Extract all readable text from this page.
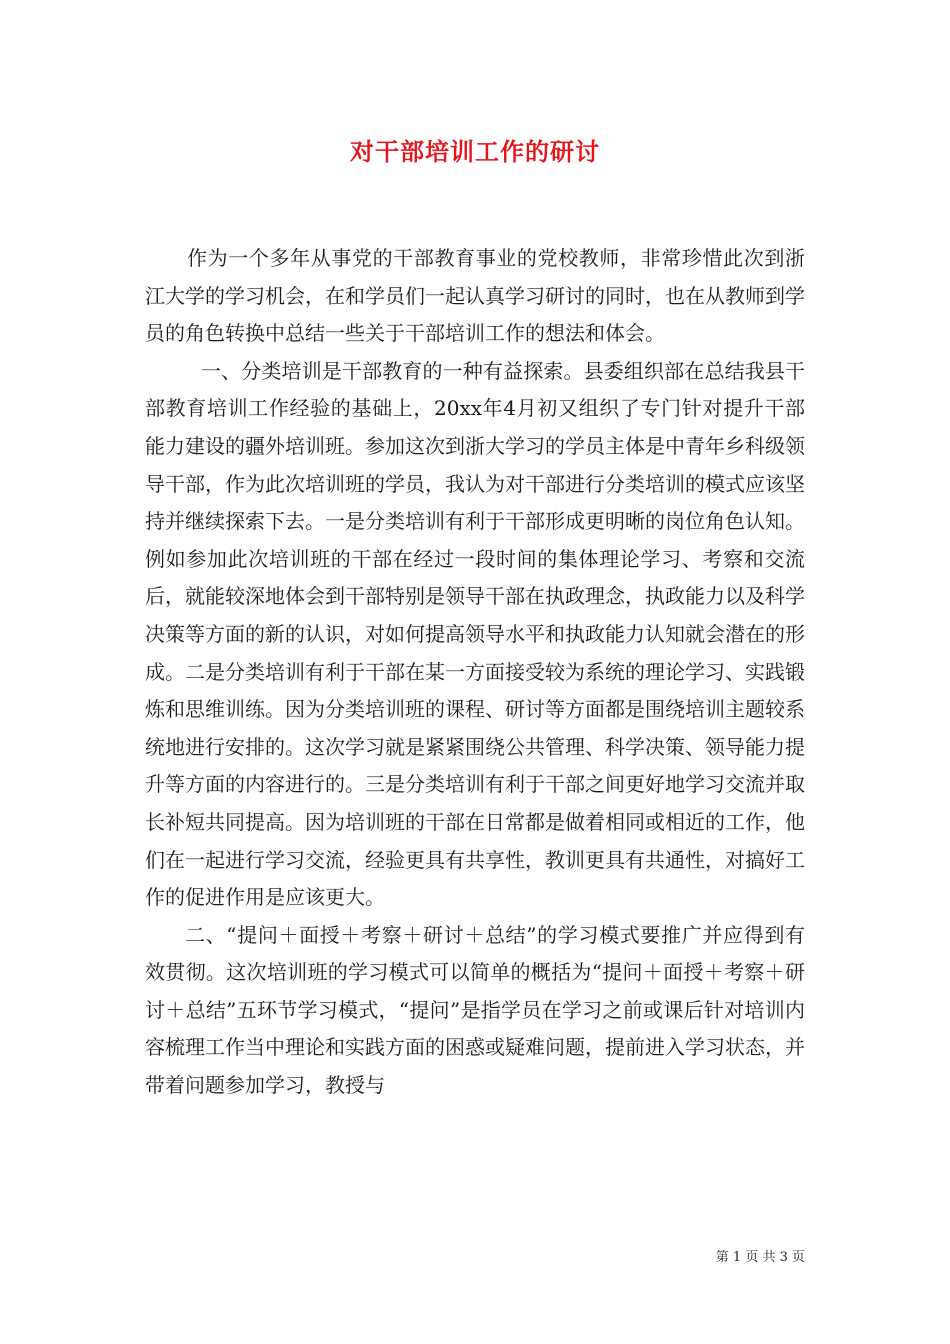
对干部培训工作的研讨

作为一个多年从事党的干部教育事业的党校教师，非常珍惜此次到浙江大学的学习机会，在和学员们一起认真学习研讨的同时，也在从教师到学员的角色转换中总结一些关于干部培训工作的想法和体会。

一、分类培训是干部教育的一种有益探索。县委组织部在总结我县干部教育培训工作经验的基础上，20xx年4月初又组织了专门针对提升干部能力建设的疆外培训班。参加这次到浙大学习的学员主体是中青年乡科级领导干部，作为此次培训班的学员，我认为对干部进行分类培训的模式应该坚持并继续探索下去。一是分类培训有利于干部形成更明晰的岗位角色认知。例如参加此次培训班的干部在经过一段时间的集体理论学习、考察和交流后，就能较深地体会到干部特别是领导干部在执政理念，执政能力以及科学决策等方面的新的认识，对如何提高领导水平和执政能力认知就会潜在的形成。二是分类培训有利于干部在某一方面接受较为系统的理论学习、实践锻炼和思维训练。因为分类培训班的课程、研讨等方面都是围绕培训主题较系统地进行安排的。这次学习就是紧紧围绕公共管理、科学决策、领导能力提升等方面的内容进行的。三是分类培训有利于干部之间更好地学习交流并取长补短共同提高。因为培训班的干部在日常都是做着相同或相近的工作，他们在一起进行学习交流，经验更具有共享性，教训更具有共通性，对搞好工作的促进作用是应该更大。

二、“提问＋面授＋考察＋研讨＋总结”的学习模式要推广并应得到有效贯彻。这次培训班的学习模式可以简单的概括为“提问＋面授＋考察＋研讨＋总结”五环节学习模式，“提问”是指学员在学习之前或课后针对培训内容梳理工作当中理论和实践方面的困惑或疑难问题，提前进入学习状态，并带着问题参加学习，教授与

第 1 页 共 3 页
